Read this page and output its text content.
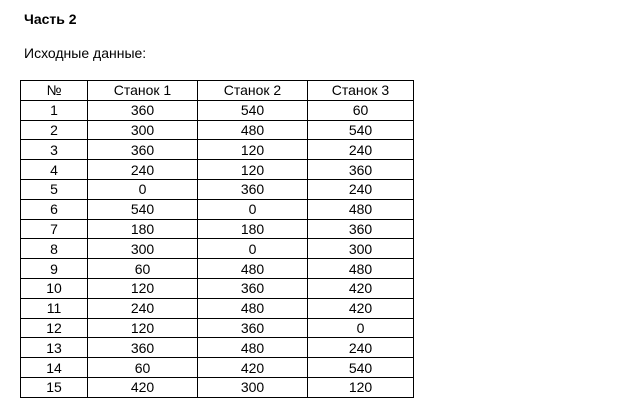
Часть 2
Исходные данные:
№	Станок 1	Станок 2	Станок 3
1	360	540	60
2	300	480	540
3	360	120	240
4	240	120	360
5	0	360	240
6	540	0	480
7	180	180	360
8	300	0	300
9	60	480	480
10	120	360	420
11	240	480	420
12	120	360	0
13	360	480	240
14	60	420	540
15	420	300	120
